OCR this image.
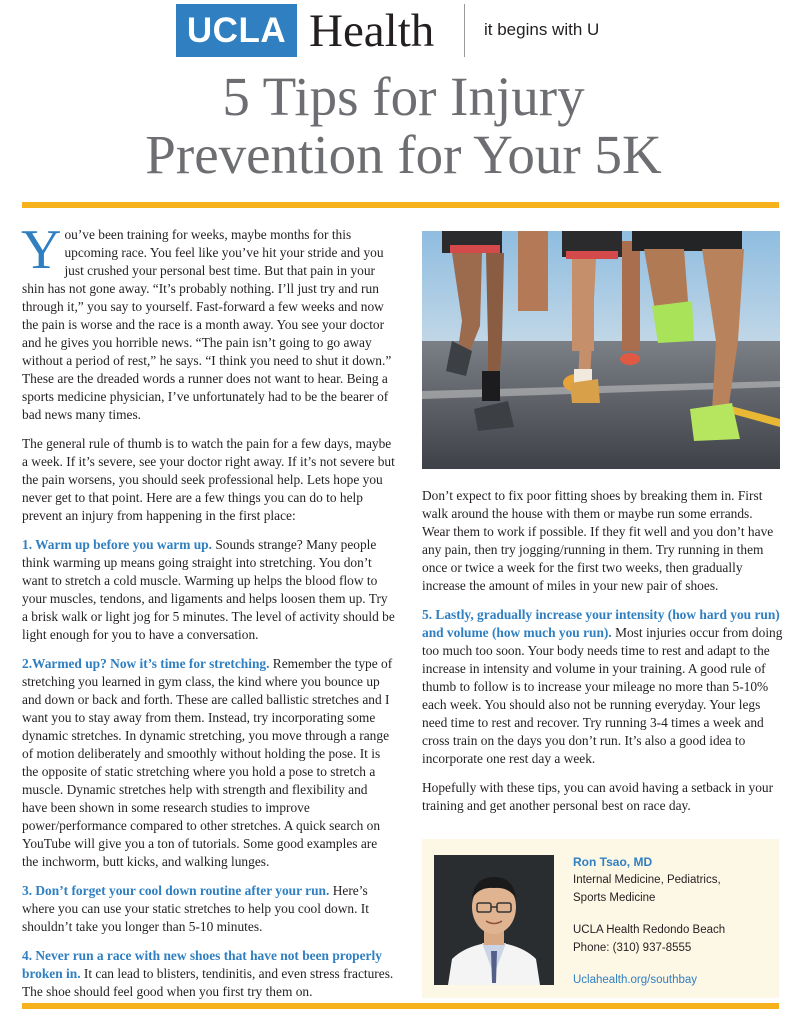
UCLA Health	it begins with U
5 Tips for Injury
Prevention for Your 5K

You’ve been training for weeks, maybe months for this upcoming race. You feel like you’ve hit your stride and you just crushed your personal best time. But that pain in your shin has not gone away. “It’s probably nothing. I’ll just try and run through it,” you say to yourself. Fast-forward a few weeks and now the pain is worse and the race is a month away. You see your doctor and he gives you horrible news. “The pain isn’t going to go away without a period of rest,” he says. “I think you need to shut it down.” These are the dreaded words a runner does not want to hear. Being a sports medicine physician, I’ve unfortunately had to be the bearer of bad news many times.

The general rule of thumb is to watch the pain for a few days, maybe a week. If it’s severe, see your doctor right away. If it’s not severe but the pain worsens, you should seek professional help. Lets hope you never get to that point. Here are a few things you can do to help prevent an injury from happening in the first place:

1. Warm up before you warm up. Sounds strange? Many people think warming up means going straight into stretching. You don’t want to stretch a cold muscle. Warming up helps the blood flow to your muscles, tendons, and ligaments and helps loosen them up. Try a brisk walk or light jog for 5 minutes. The level of activity should be light enough for you to have a conversation.

2.Warmed up? Now it’s time for stretching. Remember the type of stretching you learned in gym class, the kind where you bounce up and down or back and forth. These are called ballistic stretches and I want you to stay away from them. Instead, try incorporating some dynamic stretches. In dynamic stretching, you move through a range of motion deliberately and smoothly without holding the pose. It is the opposite of static stretching where you hold a pose to stretch a muscle. Dynamic stretches help with strength and flexibility and have been shown in some research studies to improve power/performance compared to other stretches. A quick search on YouTube will give you a ton of tutorials. Some good examples are the inchworm, butt kicks, and walking lunges.

3. Don’t forget your cool down routine after your run. Here’s where you can use your static stretches to help you cool down. It shouldn’t take you longer than 5-10 minutes.

4. Never run a race with new shoes that have not been properly broken in. It can lead to blisters, tendinitis, and even stress fractures. The shoe should feel good when you first try them on.

Don’t expect to fix poor fitting shoes by breaking them in. First walk around the house with them or maybe run some errands. Wear them to work if possible. If they fit well and you don’t have any pain, then try jogging/running in them. Try running in them once or twice a week for the first two weeks, then gradually increase the amount of miles in your new pair of shoes.

5. Lastly, gradually increase your intensity (how hard you run) and volume (how much you run). Most injuries occur from doing too much too soon. Your body needs time to rest and adapt to the increase in intensity and volume in your training. A good rule of thumb to follow is to increase your mileage no more than 5-10% each week. You should also not be running everyday. Your legs need time to rest and recover. Try running 3-4 times a week and cross train on the days you don’t run. It’s also a good idea to incorporate one rest day a week.

Hopefully with these tips, you can avoid having a setback in your training and get another personal best on race day.

Ron Tsao, MD
Internal Medicine, Pediatrics,
Sports Medicine
UCLA Health Redondo Beach
Phone: (310) 937-8555
Uclahealth.org/southbay
